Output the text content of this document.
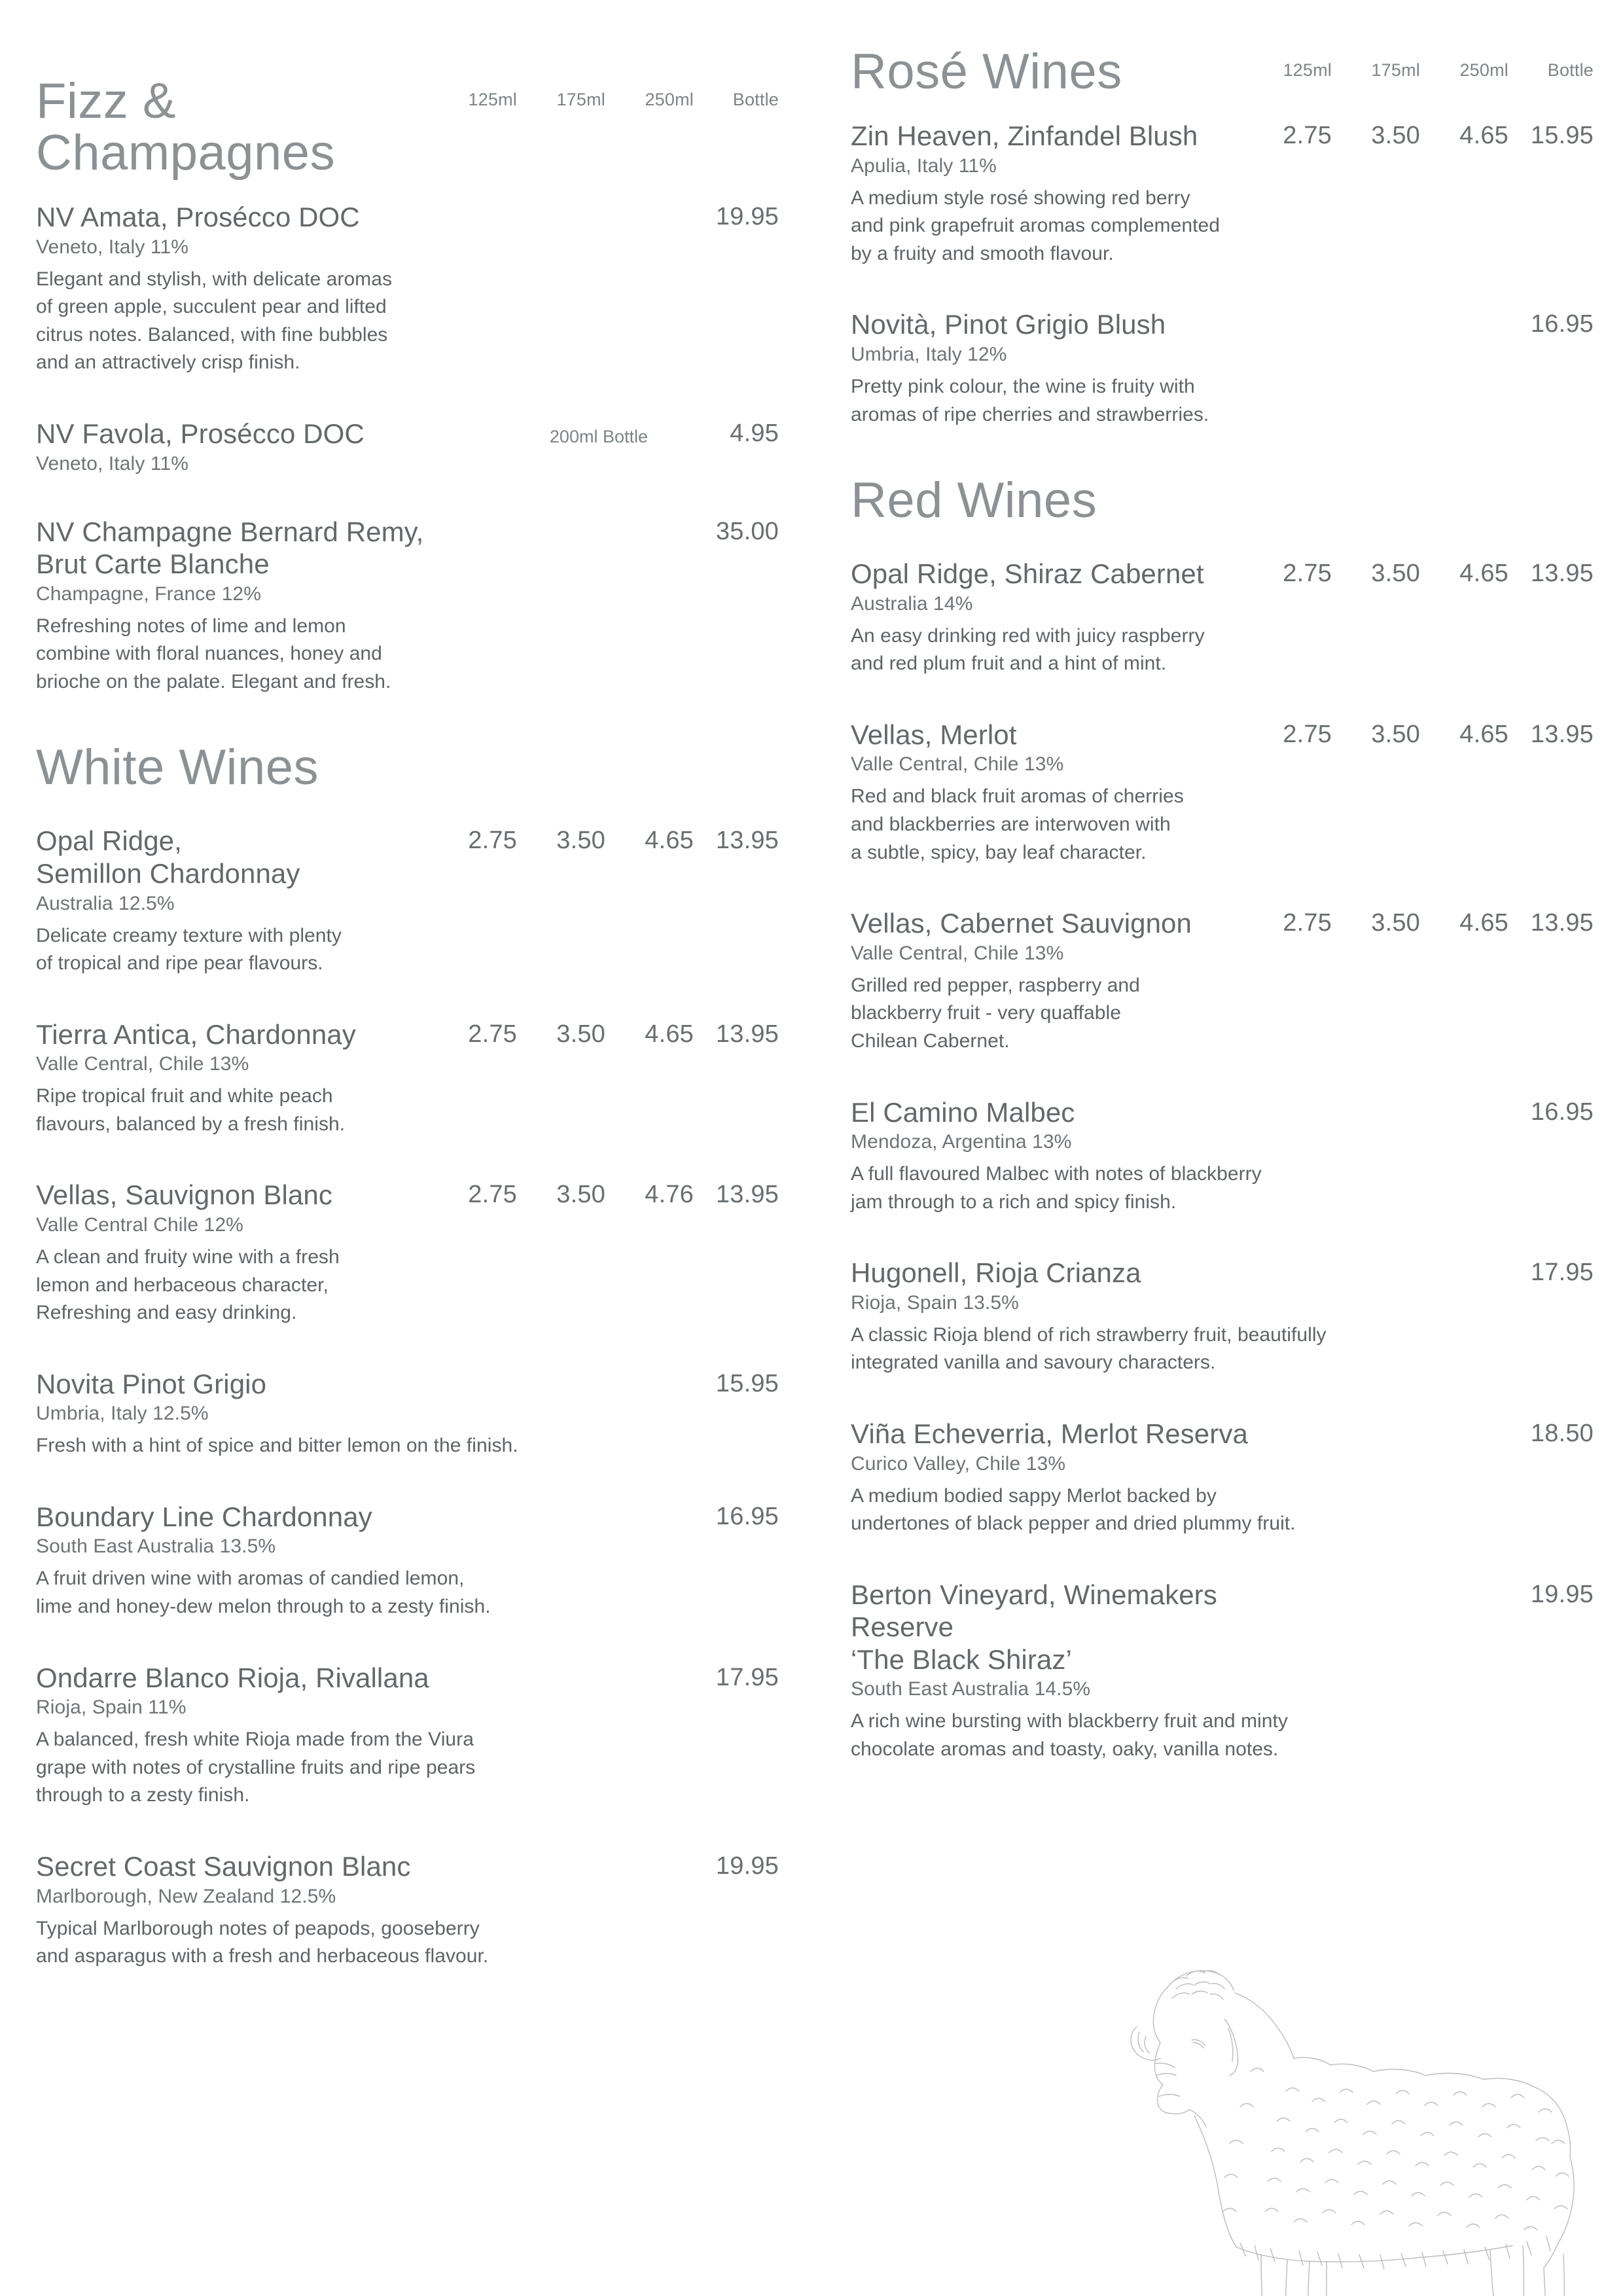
Fizz &
Champagnes
125ml	175ml	250ml	Bottle
NV Amata, Prosécco DOC	19.95
Veneto, Italy 11%
Elegant and stylish, with delicate aromas
of green apple, succulent pear and lifted
citrus notes. Balanced, with fine bubbles
and an attractively crisp finish.
NV Favola, Prosécco DOC	200ml Bottle	4.95
Veneto, Italy 11%
NV Champagne Bernard Remy,
Brut Carte Blanche
35.00
Champagne, France 12%
Refreshing notes of lime and lemon
combine with floral nuances, honey and
brioche on the palate. Elegant and fresh.
White Wines
Opal Ridge,
Semillon Chardonnay
2.75	3.50	4.65 13.95
Australia 12.5%
Delicate creamy texture with plenty
of tropical and ripe pear flavours.
Tierra Antica, Chardonnay	2.75	3.50	4.65 13.95
Valle Central, Chile 13%
Ripe tropical fruit and white peach
flavours, balanced by a fresh finish.
Vellas, Sauvignon Blanc	2.75	3.50	4.76 13.95
Valle Central Chile 12%
A clean and fruity wine with a fresh
lemon and herbaceous character,
Refreshing and easy drinking.
Novita Pinot Grigio	15.95
Umbria, Italy 12.5%
Fresh with a hint of spice and bitter lemon on the finish.
Boundary Line Chardonnay	16.95
South East Australia 13.5%
A fruit driven wine with aromas of candied lemon,
lime and honey-dew melon through to a zesty finish.
Ondarre Blanco Rioja, Rivallana	17.95
Rioja, Spain 11%
A balanced, fresh white Rioja made from the Viura
grape with notes of crystalline fruits and ripe pears
through to a zesty finish.
Secret Coast Sauvignon Blanc	19.95
Marlborough, New Zealand 12.5%
Typical Marlborough notes of peapods, gooseberry
and asparagus with a fresh and herbaceous flavour.
Rosé Wines	125ml	175ml	250ml	Bottle
Zin Heaven, Zinfandel Blush	2.75	3.50	4.65 15.95
Apulia, Italy 11%
A medium style rosé showing red berry
and pink grapefruit aromas complemented
by a fruity and smooth flavour.
Novità, Pinot Grigio Blush	16.95
Umbria, Italy 12%
Pretty pink colour, the wine is fruity with
aromas of ripe cherries and strawberries.
Red Wines
Opal Ridge, Shiraz Cabernet	2.75	3.50	4.65 13.95
Australia 14%
An easy drinking red with juicy raspberry
and red plum fruit and a hint of mint.
Vellas, Merlot	2.75	3.50	4.65 13.95
Valle Central, Chile 13%
Red and black fruit aromas of cherries
and blackberries are interwoven with
a subtle, spicy, bay leaf character.
Vellas, Cabernet Sauvignon	2.75	3.50	4.65 13.95
Valle Central, Chile 13%
Grilled red pepper, raspberry and
blackberry fruit - very quaffable
Chilean Cabernet.
El Camino Malbec	16.95
Mendoza, Argentina 13%
A full flavoured Malbec with notes of blackberry
jam through to a rich and spicy finish.
Hugonell, Rioja Crianza	17.95
Rioja, Spain 13.5%
A classic Rioja blend of rich strawberry fruit, beautifully
integrated vanilla and savoury characters.
Viña Echeverria, Merlot Reserva	18.50
Curico Valley, Chile 13%
A medium bodied sappy Merlot backed by
undertones of black pepper and dried plummy fruit.
Berton Vineyard, Winemakers Reserve
‘The Black Shiraz’
19.95
South East Australia 14.5%
A rich wine bursting with blackberry fruit and minty
chocolate aromas and toasty, oaky, vanilla notes.
